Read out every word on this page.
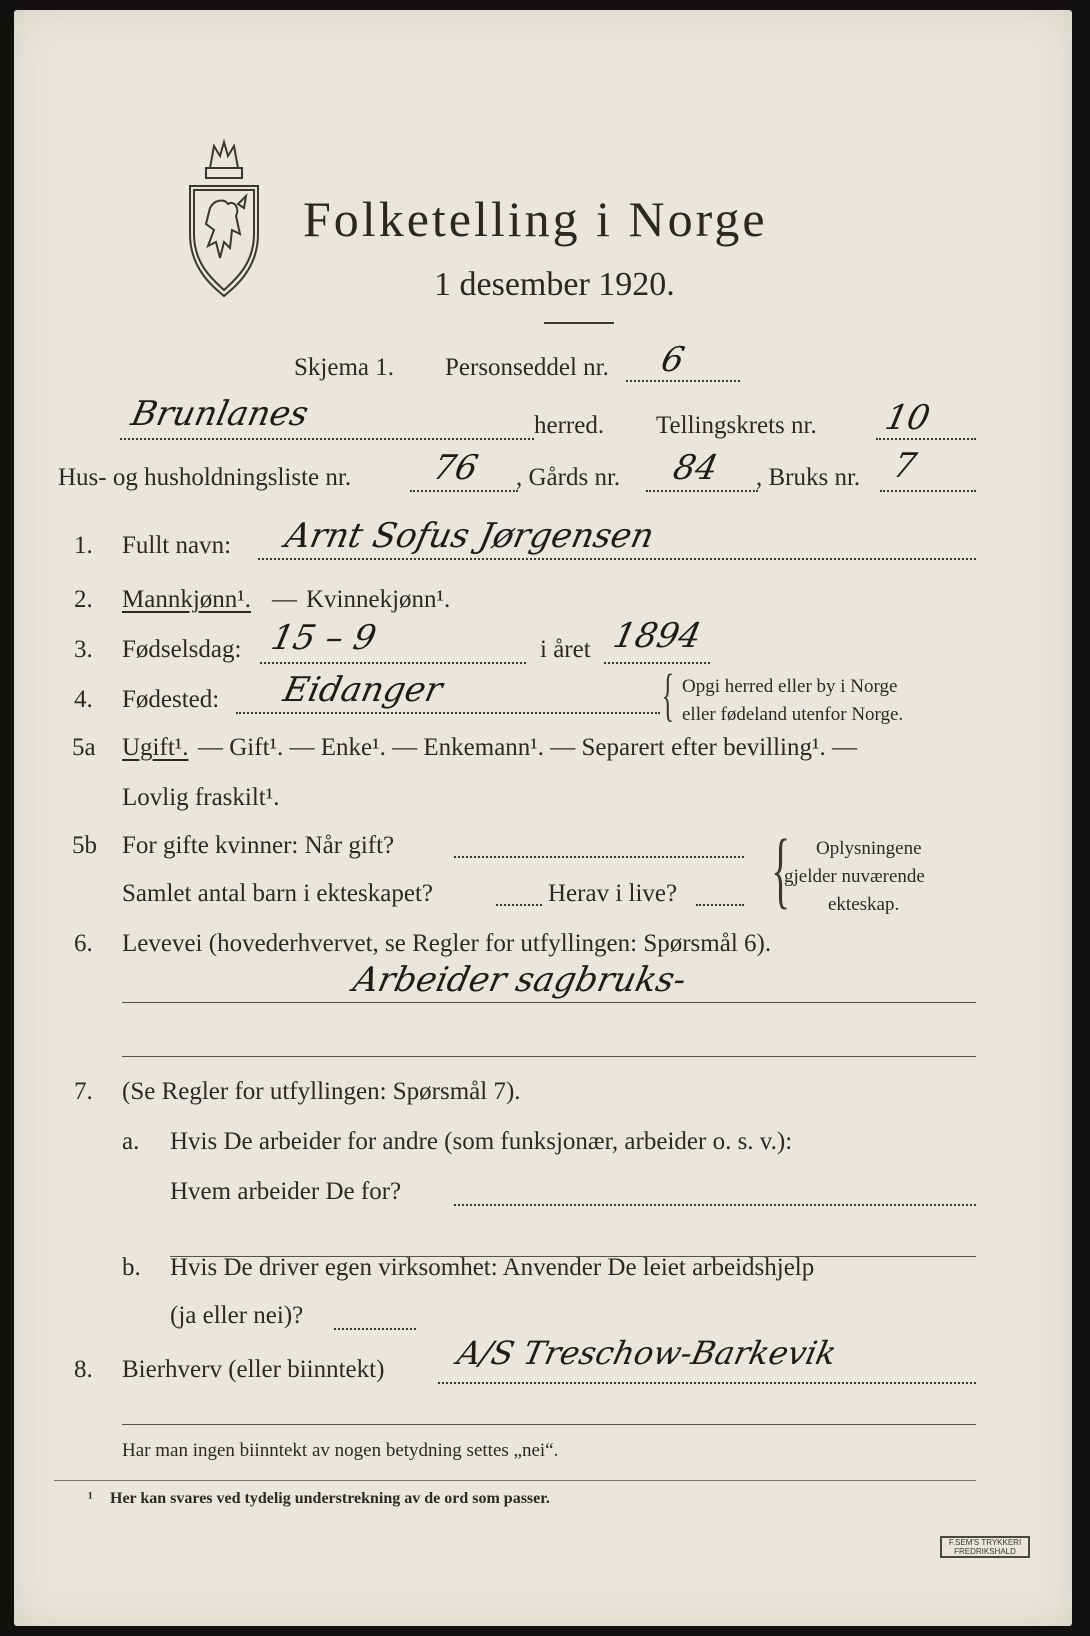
Folketelling i Norge
1 desember 1920.
Skjema 1. Personseddel nr. 6
Brunlanes	herred. Tellingskrets nr. 10
Hus- og husholdningsliste nr. 76 , Gårds nr. 84 , Bruks nr. 7
1. Fullt navn: Arnt Sofus Jørgensen
2. Mannkjønn¹. — Kvinnekjønn¹.
3. Fødselsdag: 15 – 9	i året 1894
4. Fødested: Eidanger	{ Opgi herred eller by i Norge
eller fødeland utenfor Norge.
5a Ugift¹. — Gift¹. — Enke¹. — Enkemann¹. — Separert efter bevilling¹. —
Lovlig fraskilt¹.
5b For gifte kvinner: Når gift?
Samlet antal barn i ekteskapet?	Herav i live? { Oplysningene
gjelder nuværende
ekteskap.
6. Levevei (hovederhvervet, se Regler for utfyllingen: Spørsmål 6).
Arbeider sagbruks-
7. (Se Regler for utfyllingen: Spørsmål 7).
a. Hvis De arbeider for andre (som funksjonær, arbeider o. s. v.):
Hvem arbeider De for?
b. Hvis De driver egen virksomhet: Anvender De leiet arbeidshjelp
(ja eller nei)?
8. Bierhverv (eller biinntekt) A/S Treschow-Barkevik
Har man ingen biinntekt av nogen betydning settes „nei“.
¹ Her kan svares ved tydelig understrekning av de ord som passer.
F.SEM'S TRYKKERI FREDRIKSHALD
